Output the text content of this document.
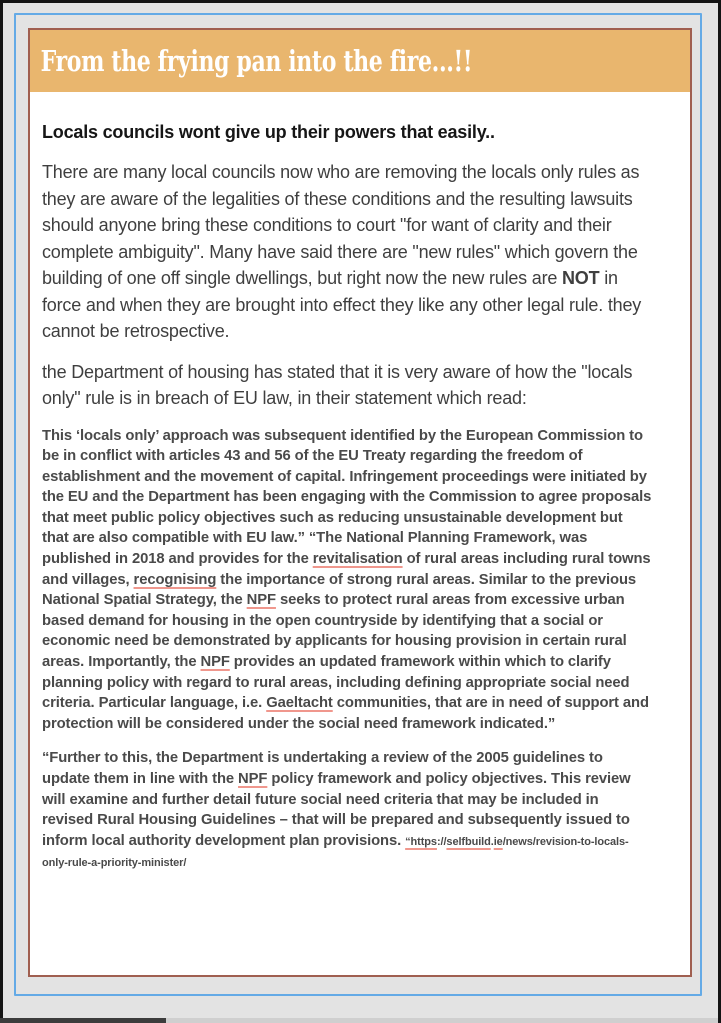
From the frying pan into the fire...!!
Locals councils wont give up their powers that easily..

There are many local councils now who are removing the locals only rules as they are aware of the legalities of these conditions and the resulting lawsuits should anyone bring these conditions to court "for want of clarity and their complete ambiguity". Many have said there are "new rules" which govern the building of one off single dwellings, but right now the new rules are NOT in force and when they are brought into effect they like any other legal rule. they cannot be retrospective.

the Department of housing has stated that it is very aware of how the "locals only" rule is in breach of EU law, in their statement which read:

This ‘locals only’ approach was subsequent identified by the European Commission to be in conflict with articles 43 and 56 of the EU Treaty regarding the freedom of establishment and the movement of capital. Infringement proceedings were initiated by the EU and the Department has been engaging with the Commission to agree proposals that meet public policy objectives such as reducing unsustainable development but that are also compatible with EU law.” “The National Planning Framework, was published in 2018 and provides for the revitalisation of rural areas including rural towns and villages, recognising the importance of strong rural areas. Similar to the previous National Spatial Strategy, the NPF seeks to protect rural areas from excessive urban based demand for housing in the open countryside by identifying that a social or economic need be demonstrated by applicants for housing provision in certain rural areas. Importantly, the NPF provides an updated framework within which to clarify planning policy with regard to rural areas, including defining appropriate social need criteria. Particular language, i.e. Gaeltacht communities, that are in need of support and protection will be considered under the social need framework indicated.”

“Further to this, the Department is undertaking a review of the 2005 guidelines to update them in line with the NPF policy framework and policy objectives. This review will examine and further detail future social need criteria that may be included in revised Rural Housing Guidelines – that will be prepared and subsequently issued to inform local authority development plan provisions. “https://selfbuild.ie/news/revision-to-locals-only-rule-a-priority-minister/
